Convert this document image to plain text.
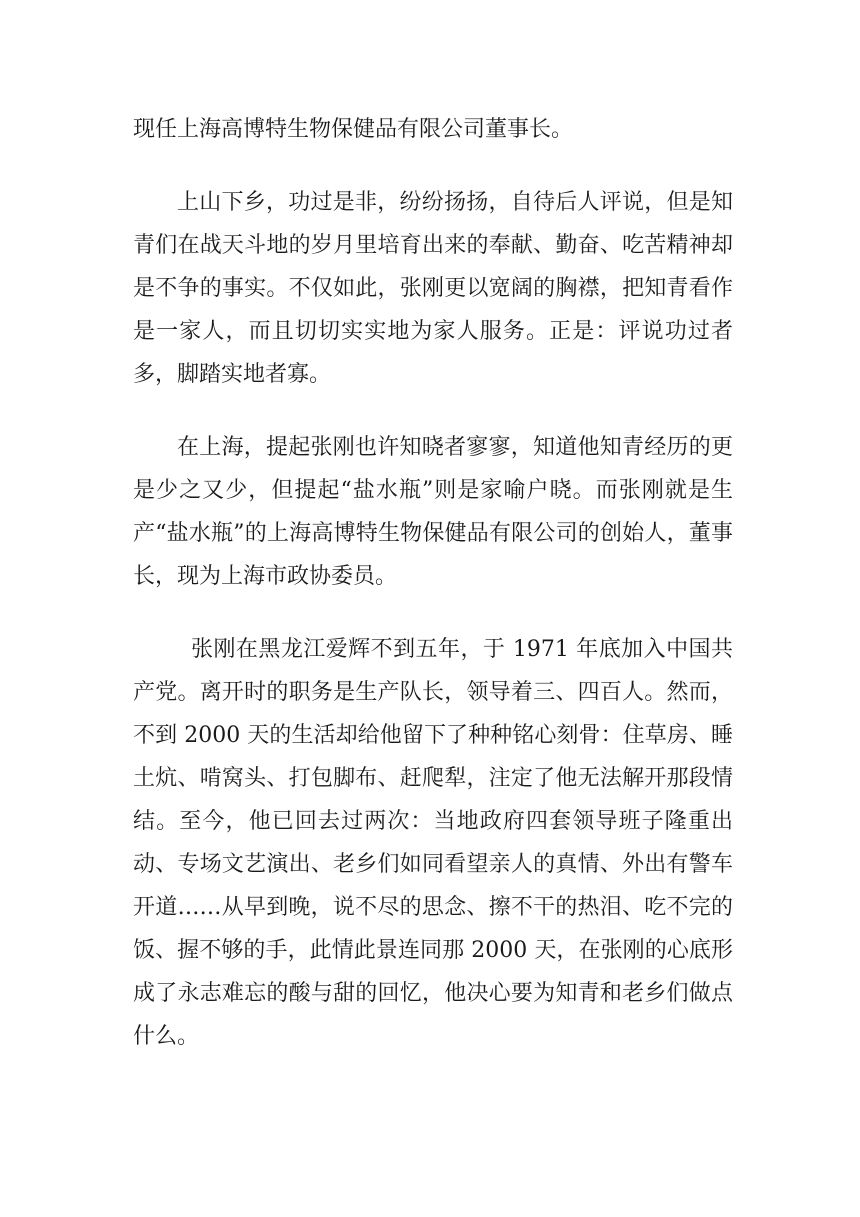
现任上海高博特生物保健品有限公司董事长。

上山下乡，功过是非，纷纷扬扬，自待后人评说，但是知青们在战天斗地的岁月里培育出来的奉献、勤奋、吃苦精神却是不争的事实。不仅如此，张刚更以宽阔的胸襟，把知青看作是一家人，而且切切实实地为家人服务。正是：评说功过者多，脚踏实地者寡。

在上海，提起张刚也许知晓者寥寥，知道他知青经历的更是少之又少，但提起“盐水瓶”则是家喻户晓。而张刚就是生产“盐水瓶”的上海高博特生物保健品有限公司的创始人，董事长，现为上海市政协委员。

张刚在黑龙江爱辉不到五年，于 1971 年底加入中国共产党。离开时的职务是生产队长，领导着三、四百人。然而，不到 2000 天的生活却给他留下了种种铭心刻骨：住草房、睡土炕、啃窝头、打包脚布、赶爬犁，注定了他无法解开那段情结。至今，他已回去过两次：当地政府四套领导班子隆重出动、专场文艺演出、老乡们如同看望亲人的真情、外出有警车开道……从早到晚，说不尽的思念、擦不干的热泪、吃不完的饭、握不够的手，此情此景连同那 2000 天，在张刚的心底形成了永志难忘的酸与甜的回忆，他决心要为知青和老乡们做点什么。
